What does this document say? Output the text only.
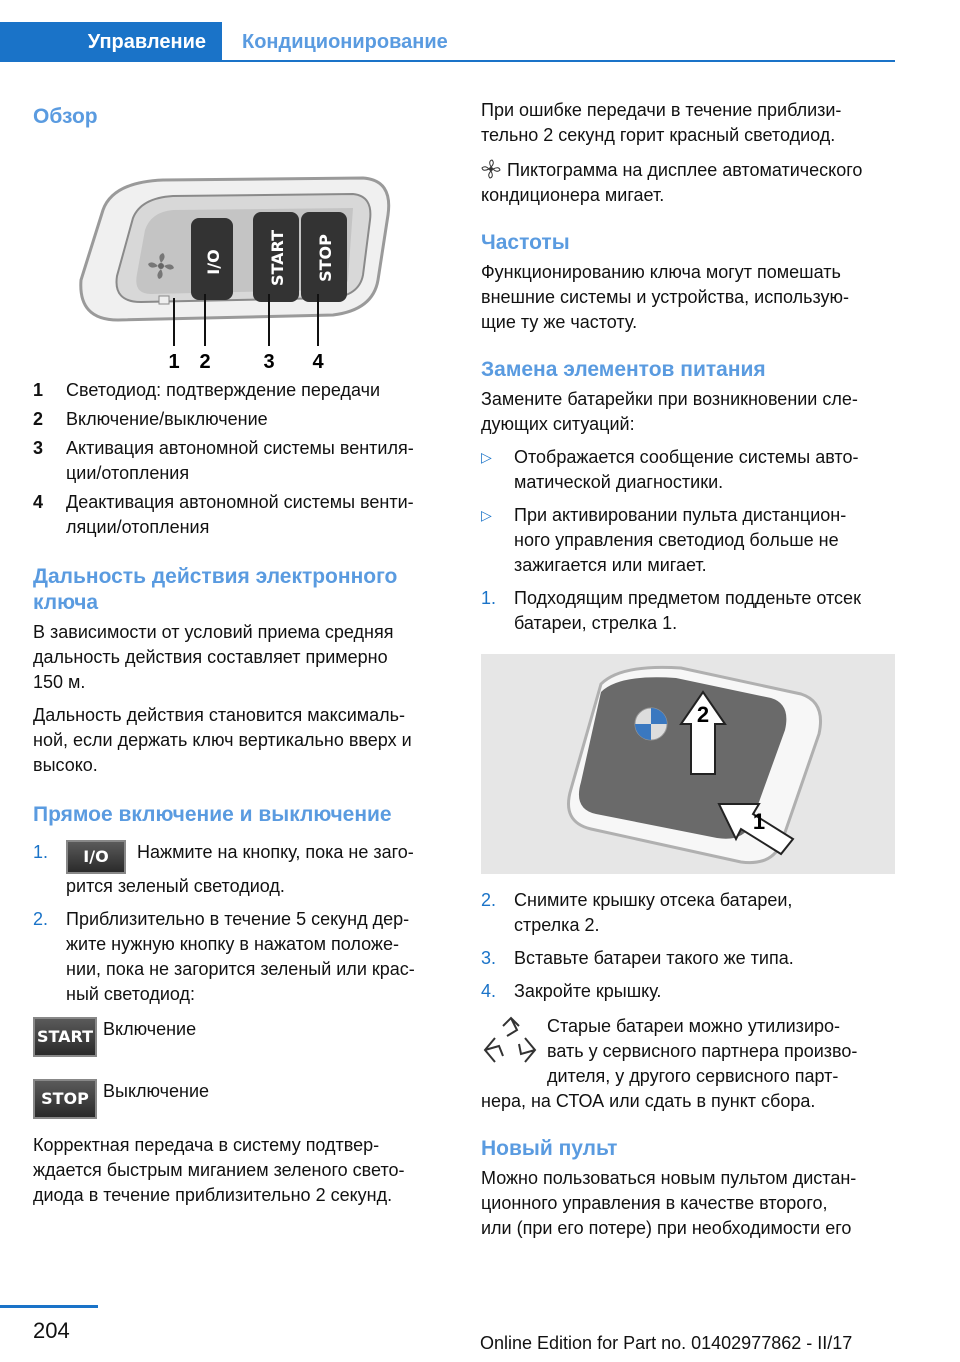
Управление	Кондиционирование
Обзор
I/O	START STOP
1 2	3 4
1	Светодиод: подтверждение передачи
2	Включение/выключение
3	Активация автономной системы вентиля-
ции/отопления
4	Деактивация автономной системы венти-
ляции/отопления
Дальность действия электронного
ключа

В зависимости от условий приема средняя
дальность действия составляет примерно
150 м.

Дальность действия становится максималь-
ной, если держать ключ вертикально вверх и
высоко.

Прямое включение и выключение
1.	I/O Нажмите на кнопку, пока не заго-
рится зеленый светодиод.
2. Приблизительно в течение 5 секунд дер-
жите нужную кнопку в нажатом положе-
нии, пока не загорится зеленый или крас-
ный светодиод:
START Включение
STOP Выключение

Корректная передача в систему подтвер-
ждается быстрым миганием зеленого свето-
диода в течение приблизительно 2 секунд.

При ошибке передачи в течение приблизи-
тельно 2 секунд горит красный светодиод.

Пиктограмма на дисплее автоматического
кондиционера мигает.

Частоты

Функционированию ключа могут помешать
внешние системы и устройства, использую-
щие ту же частоту.

Замена элементов питания

Замените батарейки при возникновении сле-
дующих ситуаций:

▷	Отображается сообщение системы авто-
матической диагностики.
▷	При активировании пульта дистанцион-
ного управления светодиод больше не
зажигается или мигает.
1. Подходящим предметом подденьте отсек
батареи, стрелка 1.
2
1
2. Снимите крышку отсека батареи,
стрелка 2.
3. Вставьте батареи такого же типа.
4. Закройте крышку.

Старые батареи можно утилизиро-
вать у сервисного партнера произво-
дителя, у другого сервисного парт-

нера, на СТОА или сдать в пункт сбора.

Новый пульт

Можно пользоваться новым пультом дистан-
ционного управления в качестве второго,
или (при его потере) при необходимости его

204	Online Edition for Part no. 01402977862 - II/17
